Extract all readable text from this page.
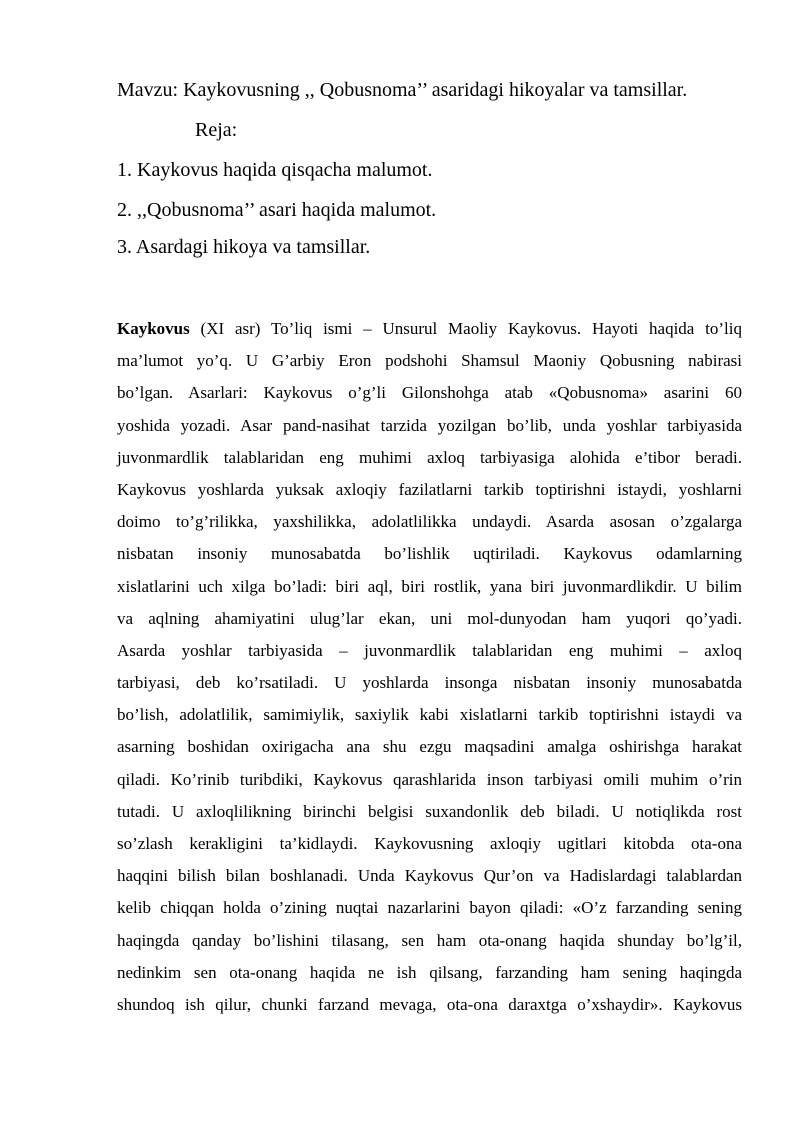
Mavzu: Kaykovusning ,, Qobusnoma’’ asaridagi hikoyalar va tamsillar.
Reja:
1. Kaykovus haqida qisqacha malumot.
2. ,,Qobusnoma’’ asari haqida malumot.
3. Asardagi hikoya va tamsillar.
Kaykovus (XI asr) To’liq ismi – Unsurul Maoliy Kaykovus. Hayoti haqida to’liq
ma’lumot yo’q. U G’arbiy Eron podshohi Shamsul Maoniy Qobusning nabirasi
bo’lgan. Asarlari: Kaykovus o’g’li Gilonshohga atab «Qobusnoma» asarini 60
yoshida yozadi. Asar pand-nasihat tarzida yozilgan bo’lib, unda yoshlar tarbiyasida
juvonmardlik talablaridan eng muhimi axloq tarbiyasiga alohida e’tibor beradi.
Kaykovus yoshlarda yuksak axloqiy fazilatlarni tarkib toptirishni istaydi, yoshlarni
doimo to’g’rilikka, yaxshilikka, adolatlilikka undaydi. Asarda asosan o’zgalarga
nisbatan insoniy munosabatda bo’lishlik uqtiriladi. Kaykovus odamlarning
xislatlarini uch xilga bo’ladi: biri aql, biri rostlik, yana biri juvonmardlikdir. U bilim
va aqlning ahamiyatini ulug’lar ekan, uni mol-dunyodan ham yuqori qo’yadi.
Asarda yoshlar tarbiyasida – juvonmardlik talablaridan eng muhimi – axloq
tarbiyasi, deb ko’rsatiladi. U yoshlarda insonga nisbatan insoniy munosabatda
bo’lish, adolatlilik, samimiylik, saxiylik kabi xislatlarni tarkib toptirishni istaydi va
asarning boshidan oxirigacha ana shu ezgu maqsadini amalga oshirishga harakat
qiladi. Ko’rinib turibdiki, Kaykovus qarashlarida inson tarbiyasi omili muhim o’rin
tutadi. U axloqlilikning birinchi belgisi suxandonlik deb biladi. U notiqlikda rost
so’zlash kerakligini ta’kidlaydi. Kaykovusning axloqiy ugitlari kitobda ota-ona
haqqini bilish bilan boshlanadi. Unda Kaykovus Qur’on va Hadislardagi talablardan
kelib chiqqan holda o’zining nuqtai nazarlarini bayon qiladi: «O’z farzanding sening
haqingda qanday bo’lishini tilasang, sen ham ota-onang haqida shunday bo’lg’il,
nedinkim sen ota-onang haqida ne ish qilsang, farzanding ham sening haqingda
shundoq ish qilur, chunki farzand mevaga, ota-ona daraxtga o’xshaydir». Kaykovus
